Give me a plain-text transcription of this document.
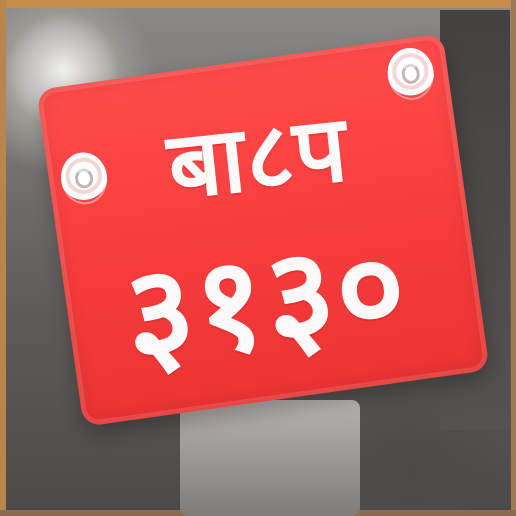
बा८प
३१३०
